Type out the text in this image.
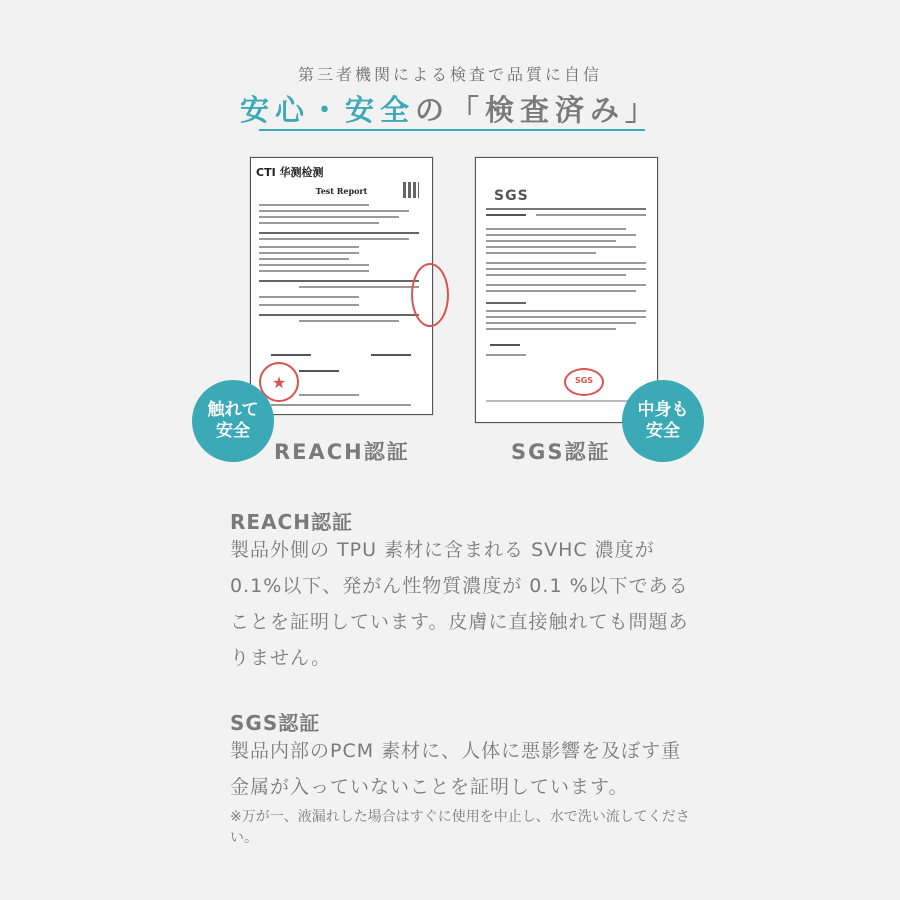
第三者機関による検査で品質に自信
安心・安全の「検査済み」
CTI 华测检测
Test Report
★
SGS
SGS
触れて安全
中身も安全
REACH認証	SGS認証
REACH認証
製品外側の TPU 素材に含まれる SVHC 濃度が0.1%以下、発がん性物質濃度が 0.1 %以下であることを証明しています。皮膚に直接触れても問題ありません。
SGS認証
製品内部のPCM 素材に、人体に悪影響を及ぼす重金属が入っていないことを証明しています。
※万が一、液漏れした場合はすぐに使用を中止し、水で洗い流してください。
